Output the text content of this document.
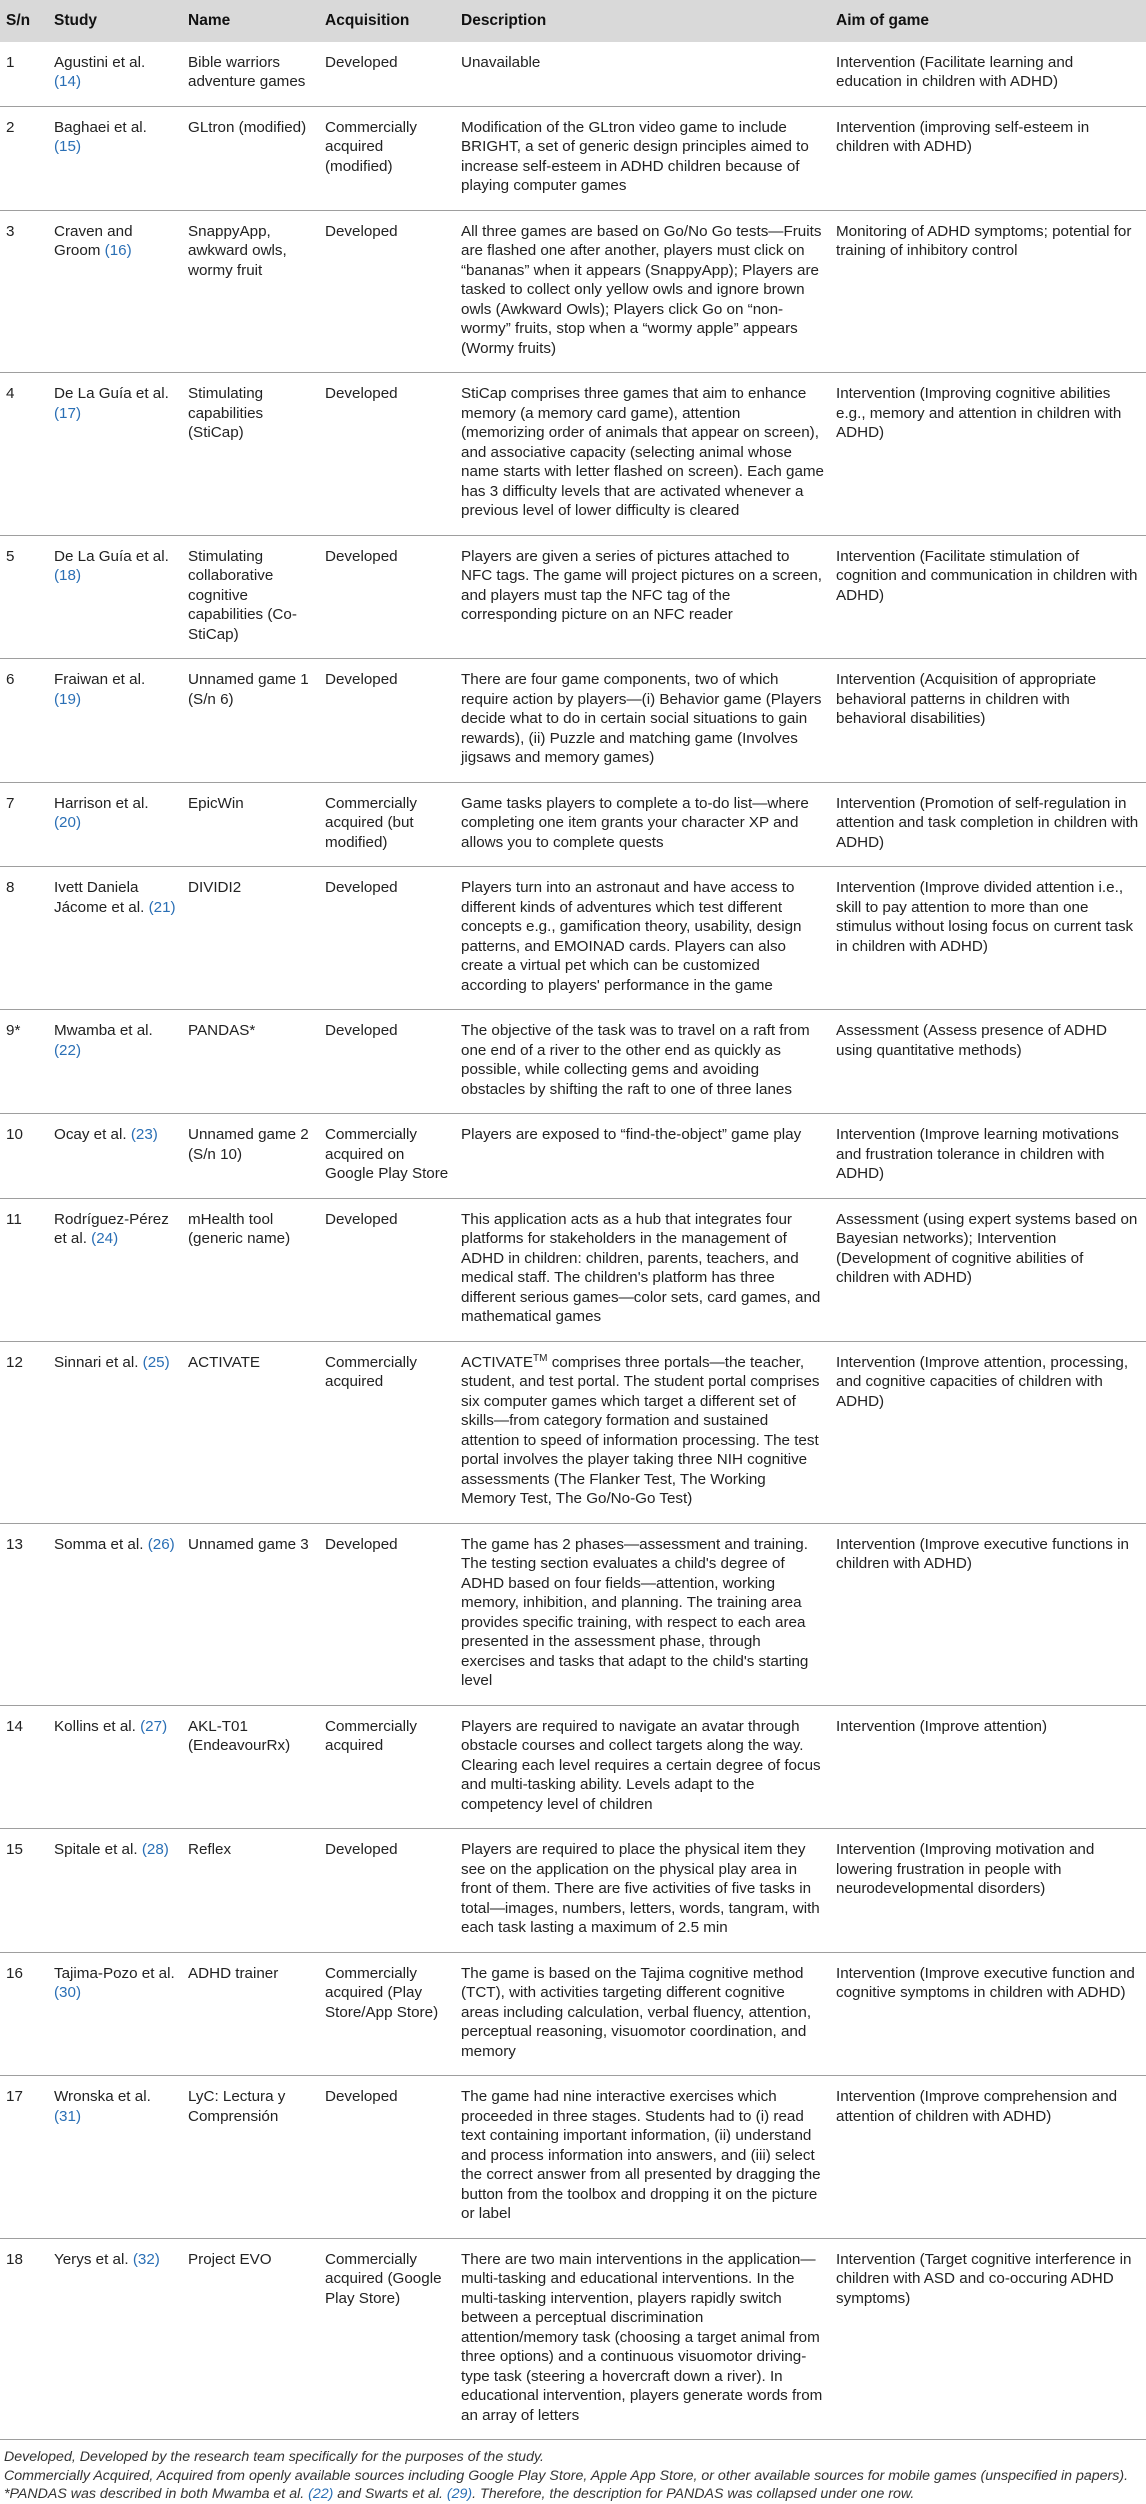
S/n	Study	Name	Acquisition	Description	Aim of game
1	Agustini et al. (14)	Bible warriors adventure games	Developed	Unavailable	Intervention (Facilitate learning and education in children with ADHD)
2	Baghaei et al. (15)	GLtron (modified)	Commercially acquired (modified)	Modification of the GLtron video game to include BRIGHT, a set of generic design principles aimed to increase self-esteem in ADHD children because of playing computer games	Intervention (improving self-esteem in children with ADHD)
3	Craven and Groom (16)	SnappyApp, awkward owls, wormy fruit	Developed	All three games are based on Go/No Go tests—Fruits are flashed one after another, players must click on “bananas” when it appears (SnappyApp); Players are tasked to collect only yellow owls and ignore brown owls (Awkward Owls); Players click Go on “non-wormy” fruits, stop when a “wormy apple” appears (Wormy fruits)	Monitoring of ADHD symptoms; potential for training of inhibitory control
4	De La Guía et al. (17)	Stimulating capabilities (StiCap)	Developed	StiCap comprises three games that aim to enhance memory (a memory card game), attention (memorizing order of animals that appear on screen), and associative capacity (selecting animal whose name starts with letter flashed on screen). Each game has 3 difficulty levels that are activated whenever a previous level of lower difficulty is cleared	Intervention (Improving cognitive abilities e.g., memory and attention in children with ADHD)
5	De La Guía et al. (18)	Stimulating collaborative cognitive capabilities (Co-StiCap)	Developed	Players are given a series of pictures attached to NFC tags. The game will project pictures on a screen, and players must tap the NFC tag of the corresponding picture on an NFC reader	Intervention (Facilitate stimulation of cognition and communication in children with ADHD)
6	Fraiwan et al. (19)	Unnamed game 1 (S/n 6)	Developed	There are four game components, two of which require action by players—(i) Behavior game (Players decide what to do in certain social situations to gain rewards), (ii) Puzzle and matching game (Involves jigsaws and memory games)	Intervention (Acquisition of appropriate behavioral patterns in children with behavioral disabilities)
7	Harrison et al. (20)	EpicWin	Commercially acquired (but modified)	Game tasks players to complete a to-do list—where completing one item grants your character XP and allows you to complete quests	Intervention (Promotion of self-regulation in attention and task completion in children with ADHD)
8	Ivett Daniela Jácome et al. (21)	DIVIDI2	Developed	Players turn into an astronaut and have access to different kinds of adventures which test different concepts e.g., gamification theory, usability, design patterns, and EMOINAD cards. Players can also create a virtual pet which can be customized according to players' performance in the game	Intervention (Improve divided attention i.e., skill to pay attention to more than one stimulus without losing focus on current task in children with ADHD)
9*	Mwamba et al. (22)	PANDAS*	Developed	The objective of the task was to travel on a raft from one end of a river to the other end as quickly as possible, while collecting gems and avoiding obstacles by shifting the raft to one of three lanes	Assessment (Assess presence of ADHD using quantitative methods)
10	Ocay et al. (23)	Unnamed game 2 (S/n 10)	Commercially acquired on Google Play Store	Players are exposed to “find-the-object” game play	Intervention (Improve learning motivations and frustration tolerance in children with ADHD)
11	Rodríguez-Pérez et al. (24)	mHealth tool (generic name)	Developed	This application acts as a hub that integrates four platforms for stakeholders in the management of ADHD in children: children, parents, teachers, and medical staff. The children's platform has three different serious games—color sets, card games, and mathematical games	Assessment (using expert systems based on Bayesian networks); Intervention (Development of cognitive abilities of children with ADHD)
12	Sinnari et al. (25)	ACTIVATE	Commercially acquired	ACTIVATE™ comprises three portals—the teacher, student, and test portal. The student portal comprises six computer games which target a different set of skills—from category formation and sustained attention to speed of information processing. The test portal involves the player taking three NIH cognitive assessments (The Flanker Test, The Working Memory Test, The Go/No-Go Test)	Intervention (Improve attention, processing, and cognitive capacities of children with ADHD)
13	Somma et al. (26)	Unnamed game 3	Developed	The game has 2 phases—assessment and training. The testing section evaluates a child's degree of ADHD based on four fields—attention, working memory, inhibition, and planning. The training area provides specific training, with respect to each area presented in the assessment phase, through exercises and tasks that adapt to the child's starting level	Intervention (Improve executive functions in children with ADHD)
14	Kollins et al. (27)	AKL-T01 (EndeavourRx)	Commercially acquired	Players are required to navigate an avatar through obstacle courses and collect targets along the way. Clearing each level requires a certain degree of focus and multi-tasking ability. Levels adapt to the competency level of children	Intervention (Improve attention)
15	Spitale et al. (28)	Reflex	Developed	Players are required to place the physical item they see on the application on the physical play area in front of them. There are five activities of five tasks in total—images, numbers, letters, words, tangram, with each task lasting a maximum of 2.5 min	Intervention (Improving motivation and lowering frustration in people with neurodevelopmental disorders)
16	Tajima-Pozo et al. (30)	ADHD trainer	Commercially acquired (Play Store/App Store)	The game is based on the Tajima cognitive method (TCT), with activities targeting different cognitive areas including calculation, verbal fluency, attention, perceptual reasoning, visuomotor coordination, and memory	Intervention (Improve executive function and cognitive symptoms in children with ADHD)
17	Wronska et al. (31)	LyC: Lectura y Comprensión	Developed	The game had nine interactive exercises which proceeded in three stages. Students had to (i) read text containing important information, (ii) understand and process information into answers, and (iii) select the correct answer from all presented by dragging the button from the toolbox and dropping it on the picture or label	Intervention (Improve comprehension and attention of children with ADHD)
18	Yerys et al. (32)	Project EVO	Commercially acquired (Google Play Store)	There are two main interventions in the application—multi-tasking and educational interventions. In the multi-tasking intervention, players rapidly switch between a perceptual discrimination attention/memory task (choosing a target animal from three options) and a continuous visuomotor driving-type task (steering a hovercraft down a river). In educational intervention, players generate words from an array of letters	Intervention (Target cognitive interference in children with ASD and co-occuring ADHD symptoms)

Developed, Developed by the research team specifically for the purposes of the study.

Commercially Acquired, Acquired from openly available sources including Google Play Store, Apple App Store, or other available sources for mobile games (unspecified in papers).

*PANDAS was described in both Mwamba et al. (22) and Swarts et al. (29). Therefore, the description for PANDAS was collapsed under one row.
